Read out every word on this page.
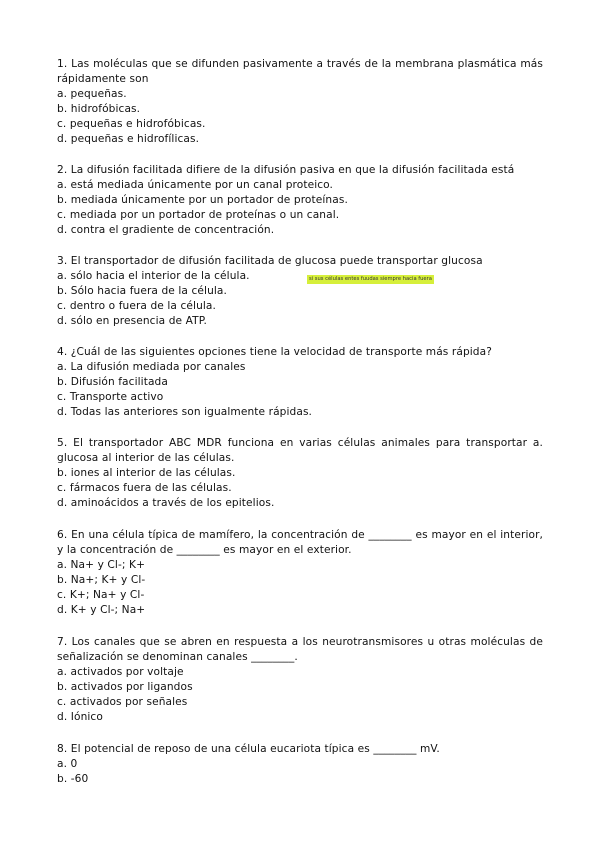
1. Las moléculas que se difunden pasivamente a través de la membrana plasmática más rápidamente son
a. pequeñas.
b. hidrofóbicas.
c. pequeñas e hidrofóbicas.
d. pequeñas e hidrofílicas.
2. La difusión facilitada difiere de la difusión pasiva en que la difusión facilitada está
a. está mediada únicamente por un canal proteico.
b. mediada únicamente por un portador de proteínas.
c. mediada por un portador de proteínas o un canal.
d. contra el gradiente de concentración.
3. El transportador de difusión facilitada de glucosa puede transportar glucosa
a. sólo hacia el interior de la célula.
b. Sólo hacia fuera de la célula.
c. dentro o fuera de la célula.
d. sólo en presencia de ATP.
4. ¿Cuál de las siguientes opciones tiene la velocidad de transporte más rápida?
a. La difusión mediada por canales
b. Difusión facilitada
c. Transporte activo
d. Todas las anteriores son igualmente rápidas.
5. El transportador ABC MDR funciona en varias células animales para transportar a. glucosa al interior de las células.
b. iones al interior de las células.
c. fármacos fuera de las células.
d. aminoácidos a través de los epitelios.
6. En una célula típica de mamífero, la concentración de ________ es mayor en el interior, y la concentración de ________ es mayor en el exterior.
a. Na+ y Cl-; K+
b. Na+; K+ y Cl-
c. K+; Na+ y Cl-
d. K+ y Cl-; Na+
7. Los canales que se abren en respuesta a los neurotransmisores u otras moléculas de señalización se denominan canales ________.
a. activados por voltaje
b. activados por ligandos
c. activados por señales
d. Iónico
8. El potencial de reposo de una célula eucariota típica es ________ mV.
a. 0
b. -60
si sus células entes fuudas siempre hacia fuera
